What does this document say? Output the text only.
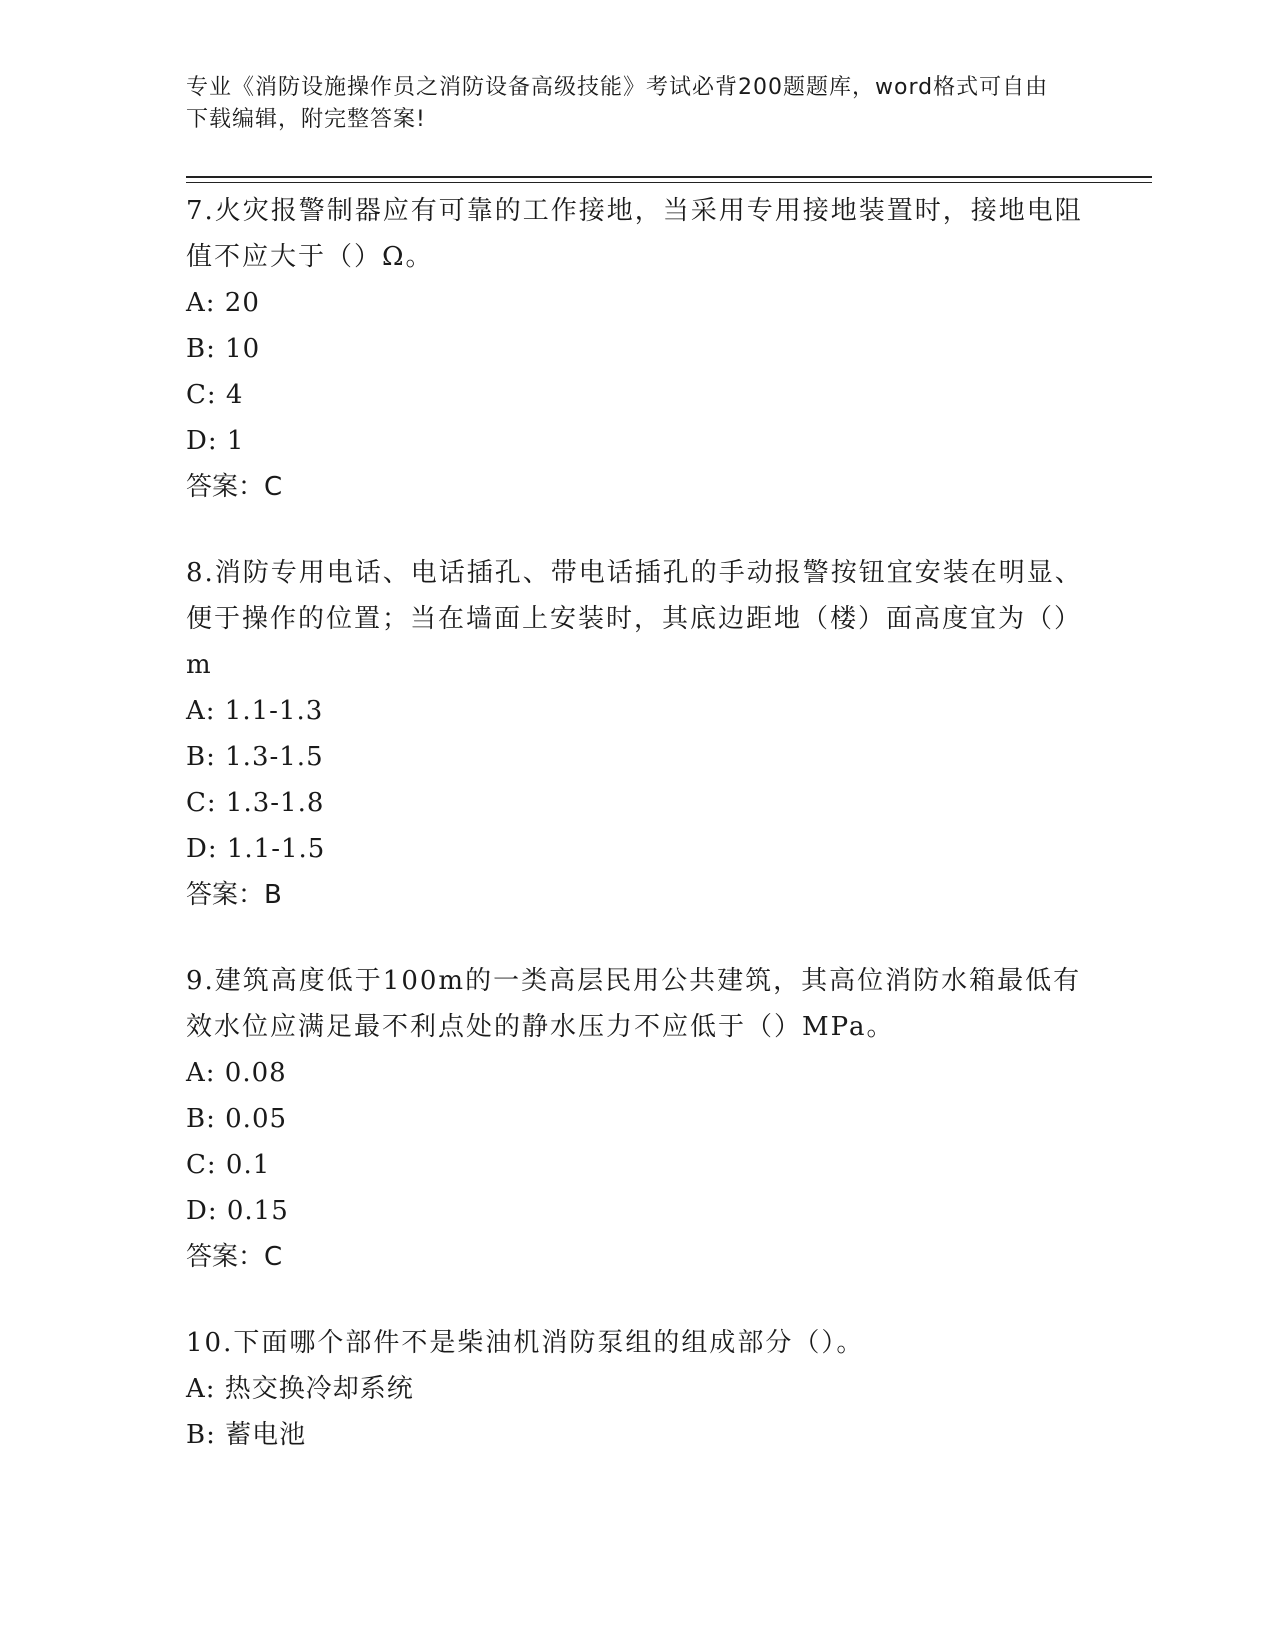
专业《消防设施操作员之消防设备高级技能》考试必背200题题库，word格式可自由下载编辑，附完整答案!

7.火灾报警制器应有可靠的工作接地，当采用专用接地装置时，接地电阻值不应大于（）Ω。

A: 20

B: 10

C: 4

D: 1

答案：C

8.消防专用电话、电话插孔、带电话插孔的手动报警按钮宜安装在明显、便于操作的位置；当在墙面上安装时，其底边距地（楼）面高度宜为（）m

A: 1.1-1.3

B: 1.3-1.5

C: 1.3-1.8

D: 1.1-1.5

答案：B

9.建筑高度低于100m的一类高层民用公共建筑，其高位消防水箱最低有效水位应满足最不利点处的静水压力不应低于（）MPa。

A: 0.08

B: 0.05

C: 0.1

D: 0.15

答案：C

10.下面哪个部件不是柴油机消防泵组的组成部分（）。

A: 热交换冷却系统

B: 蓄电池
